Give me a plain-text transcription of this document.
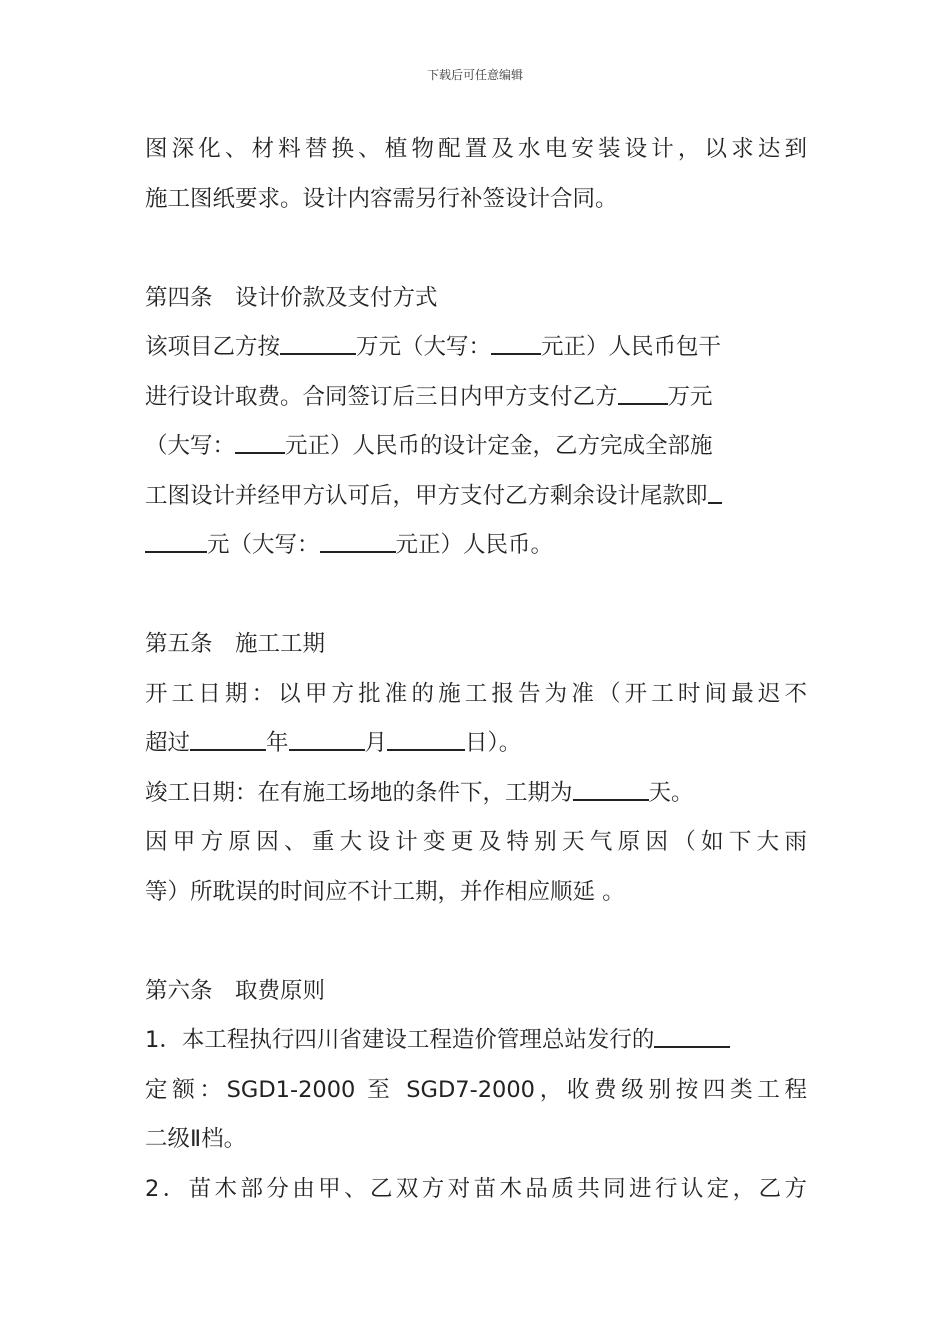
下载后可任意编辑
图深化、材料替换、植物配置及水电安装设计，以求达到
施工图纸要求。设计内容需另行补签设计合同。
第四条　设计价款及支付方式
该项目乙方按	万元（大写： 元正）人民币包干
进行设计取费。合同签订后三日内甲方支付乙方 万元
（大写： 元正）人民币的设计定金，乙方完成全部施
工图设计并经甲方认可后，甲方支付乙方剩余设计尾款即
元（大写：	元正）人民币。
第五条　施工工期
开工日期：以甲方批准的施工报告为准（开工时间最迟不
超过	年	月	日）。
竣工日期：在有施工场地的条件下，工期为	天。
因甲方原因、重大设计变更及特别天气原因（如下大雨
等）所耽误的时间应不计工期，并作相应顺延 。
第六条　取费原则
1．本工程执行四川省建设工程造价管理总站发行的
定额：SGD1-2000 至 SGD7-2000，收费级别按四类工程
二级Ⅱ档。
2．苗木部分由甲、乙双方对苗木品质共同进行认定，乙方
